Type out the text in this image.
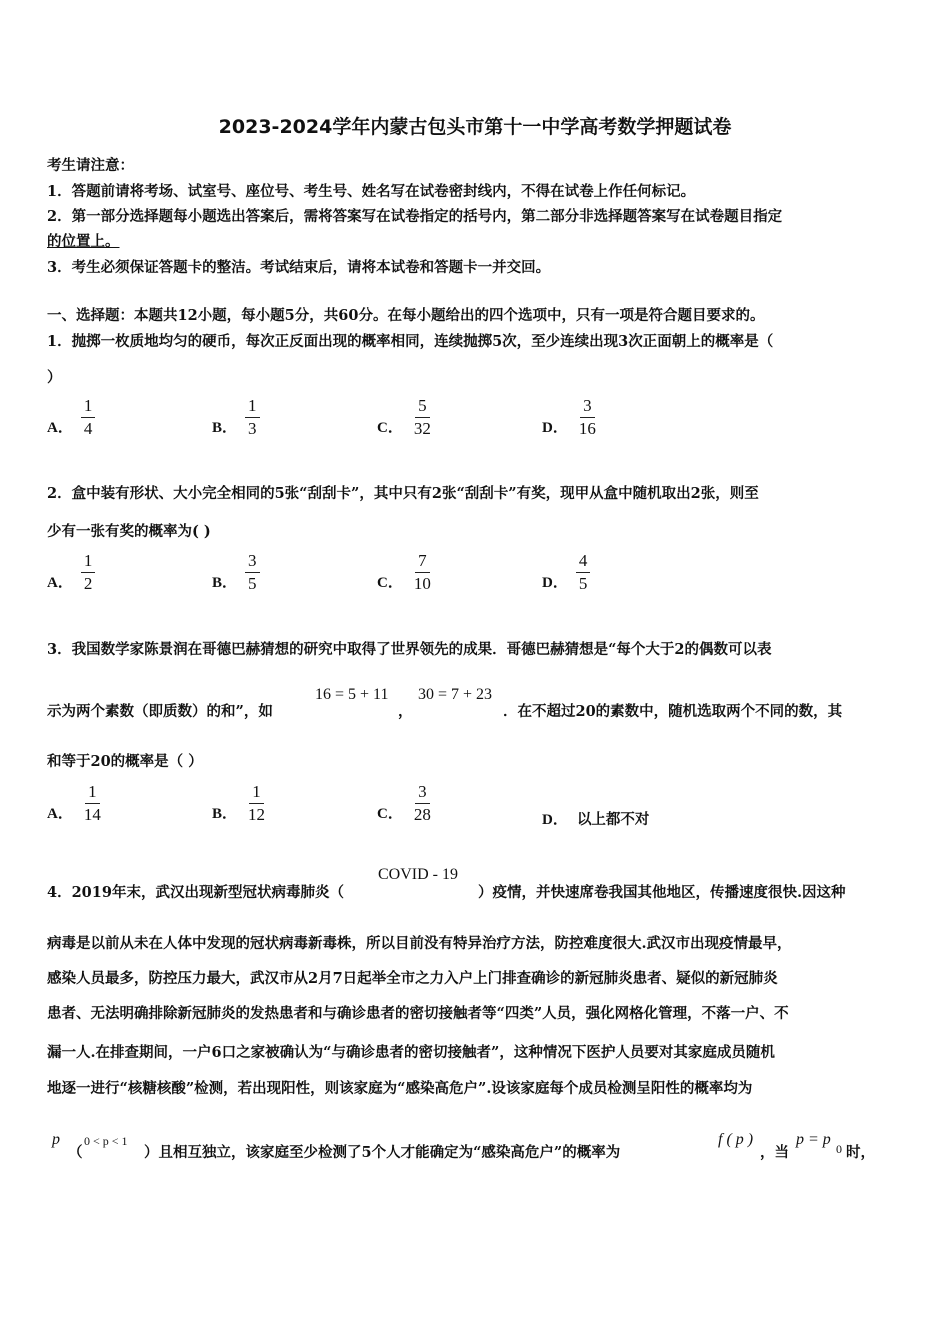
2023-2024学年内蒙古包头市第十一中学高考数学押题试卷
考生请注意：
1．答题前请将考场、试室号、座位号、考生号、姓名写在试卷密封线内，不得在试卷上作任何标记。
2．第一部分选择题每小题选出答案后，需将答案写在试卷指定的括号内，第二部分非选择题答案写在试卷题目指定
的位置上。
3．考生必须保证答题卡的整洁。考试结束后，请将本试卷和答题卡一并交回。
一、选择题：本题共12小题，每小题5分，共60分。在每小题给出的四个选项中，只有一项是符合题目要求的。
1．抛掷一枚质地均匀的硬币，每次正反面出现的概率相同，连续抛掷5次，至少连续出现3次正面朝上的概率是（
）
A． $\frac{1}{4}$	B． $\frac{1}{3}$	C． $\frac{5}{32}$	D． $\frac{3}{16}$
2．盒中装有形状、大小完全相同的5张“刮刮卡”，其中只有2张“刮刮卡”有奖，现甲从盒中随机取出2张，则至
少有一张有奖的概率为( )
A． $\frac{1}{2}$	B． $\frac{3}{5}$	C． $\frac{7}{10}$	D． $\frac{4}{5}$
3．我国数学家陈景润在哥德巴赫猜想的研究中取得了世界领先的成果．哥德巴赫猜想是“每个大于2的偶数可以表
示为两个素数（即质数）的和”，如
16 = 5 + 11
，
30 = 7 + 23
．在不超过20的素数中，随机选取两个不同的数，其
和等于20的概率是（ ）
A． $\frac{1}{14}$	B． $\frac{1}{12}$	C． $\frac{3}{28}$	D． 以上都不对
4．2019年末，武汉出现新型冠状病毒肺炎（
COVID - 19
）疫情，并快速席卷我国其他地区，传播速度很快.因这种
病毒是以前从未在人体中发现的冠状病毒新毒株，所以目前没有特异治疗方法，防控难度很大.武汉市出现疫情最早，
感染人员最多，防控压力最大，武汉市从2月7日起举全市之力入户上门排查确诊的新冠肺炎患者、疑似的新冠肺炎
患者、无法明确排除新冠肺炎的发热患者和与确诊患者的密切接触者等“四类”人员，强化网格化管理，不落一户、不
漏一人.在排查期间，一户6口之家被确认为“与确诊患者的密切接触者”，这种情况下医护人员要对其家庭成员随机
地逐一进行“核糖核酸”检测，若出现阳性，则该家庭为“感染高危户”.设该家庭每个成员检测呈阳性的概率均为
p
（
0 < p < 1
）且相互独立，该家庭至少检测了5个人才能确定为“感染高危户”的概率为
f ( p )
，当
p = p
0 时，
